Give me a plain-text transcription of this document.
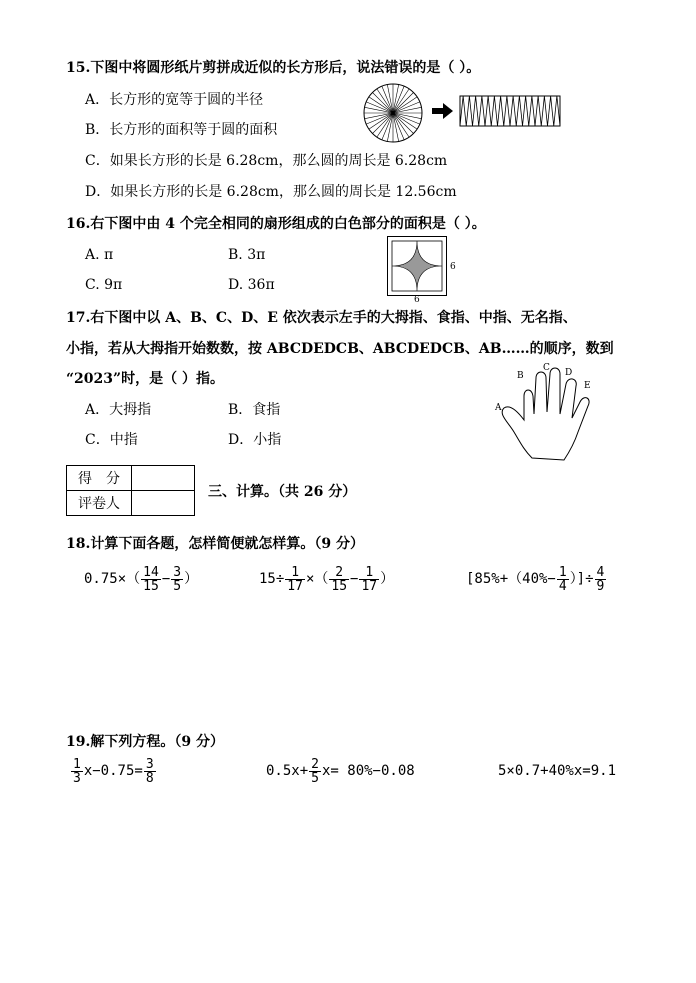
15.下图中将圆形纸片剪拼成近似的长方形后，说法错误的是（ ）。
A．长方形的宽等于圆的半径
B．长方形的面积等于圆的面积
C．如果长方形的长是 6.28cm，那么圆的周长是 6.28cm
D．如果长方形的长是 6.28cm，那么圆的周长是 12.56cm
16.右下图中由 4 个完全相同的扇形组成的白色部分的面积是（ ）。
A. π	B. 3π
C. 9π	D. 36π
6
6
17.右下图中以 A、B、C、D、E 依次表示左手的大拇指、食指、中指、无名指、
小指，若从大拇指开始数数，按 ABCDEDCB、ABCDEDCB、AB……的顺序，数到
“2023”时，是（ ）指。
A．大拇指	B．食指
C．中指	D．小指
A
B
C D
E
得　分	
评卷人	
三、计算。（共 26 分）
18.计算下面各题，怎样简便就怎样算。（9 分）
$0.75\times( \frac{14}{15} - \frac{3}{5}$ ）	$15\div \frac{1}{17}$ ×（ $\frac{2}{15} - \frac{1}{17}$ ）	[$85\%+(40\%- \frac{1}{4}$ ）]÷ $\frac{4}{9}$
19.解下列方程。（9 分）
$\frac{1}{3} x-0.75= \frac{3}{8}$	$0.5x+ \frac{2}{5} x= 80\%-0.08$	5×0.7+40%x=9.1
